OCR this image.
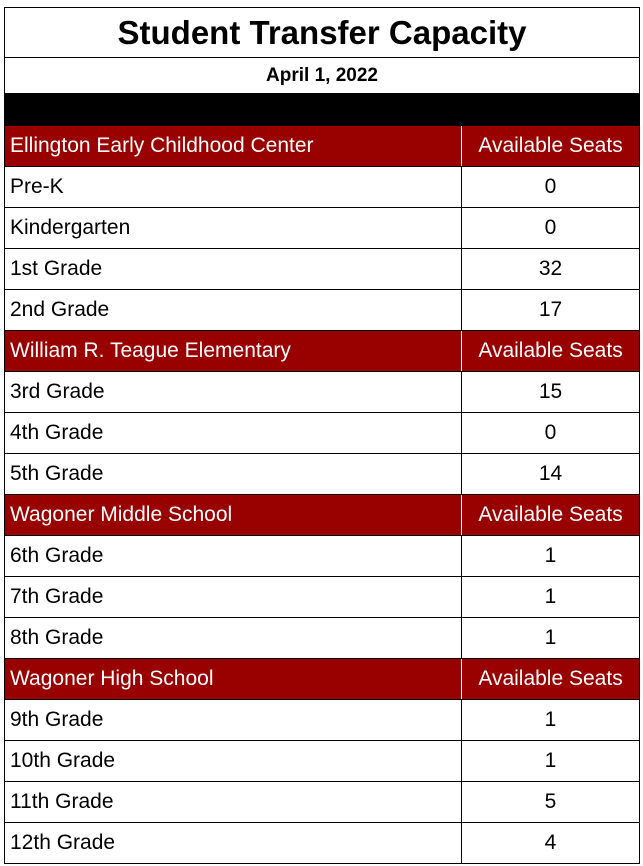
Student Transfer Capacity
April 1, 2022
Ellington Early Childhood Center	Available Seats
Pre-K	0
Kindergarten	0
1st Grade	32
2nd Grade	17
William R. Teague Elementary	Available Seats
3rd Grade	15
4th Grade	0
5th Grade	14
Wagoner Middle School	Available Seats
6th Grade	1
7th Grade	1
8th Grade	1
Wagoner High School	Available Seats
9th Grade	1
10th Grade	1
11th Grade	5
12th Grade	4
